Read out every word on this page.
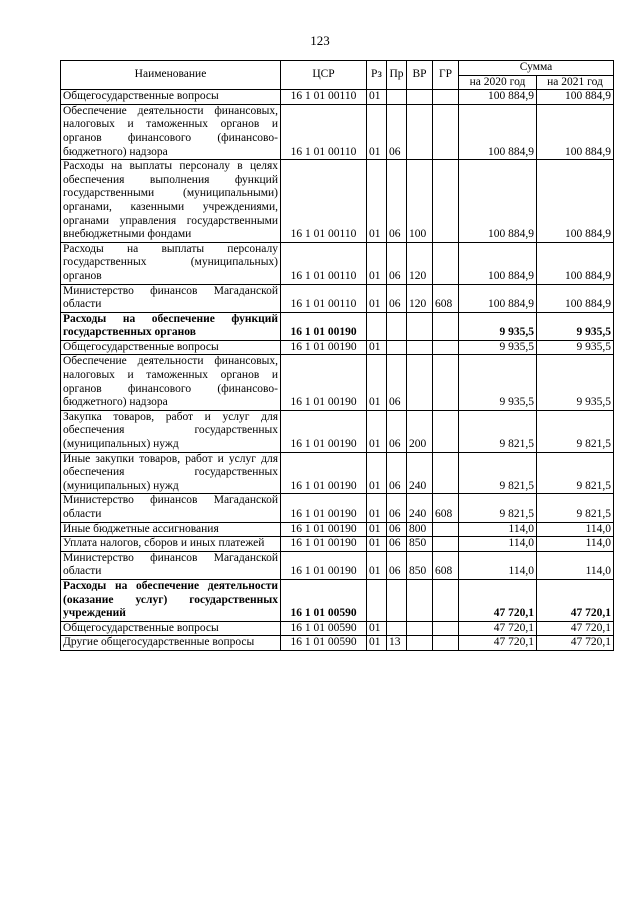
123
Наименование	ЦСР	Рз	Пр	ВР	ГР	Сумма	
						на 2020 год	на 2021 год
Общегосударственные вопросы	16 1 01 00110	01				100 884,9	100 884,9
Обеспечение деятельности финансовых, налоговых и таможенных органов и органов финансового (финансово-бюджетного) надзора	16 1 01 00110	01	06			100 884,9	100 884,9
Расходы на выплаты персоналу в целях обеспечения выполнения функций государственными (муниципальными) органами, казенными учреждениями, органами управления государственными внебюджетными фондами	16 1 01 00110	01	06	100		100 884,9	100 884,9
Расходы на выплаты персоналу государственных (муниципальных) органов	16 1 01 00110	01	06	120		100 884,9	100 884,9
Министерство финансов Магаданской области	16 1 01 00110	01	06	120	608	100 884,9	100 884,9
Расходы на обеспечение функций государственных органов	16 1 01 00190					9 935,5	9 935,5
Общегосударственные вопросы	16 1 01 00190	01				9 935,5	9 935,5
Обеспечение деятельности финансовых, налоговых и таможенных органов и органов финансового (финансово-бюджетного) надзора	16 1 01 00190	01	06			9 935,5	9 935,5
Закупка товаров, работ и услуг для обеспечения государственных (муниципальных) нужд	16 1 01 00190	01	06	200		9 821,5	9 821,5
Иные закупки товаров, работ и услуг для обеспечения государственных (муниципальных) нужд	16 1 01 00190	01	06	240		9 821,5	9 821,5
Министерство финансов Магаданской области	16 1 01 00190	01	06	240	608	9 821,5	9 821,5
Иные бюджетные ассигнования	16 1 01 00190	01	06	800		114,0	114,0
Уплата налогов, сборов и иных платежей	16 1 01 00190	01	06	850		114,0	114,0
Министерство финансов Магаданской области	16 1 01 00190	01	06	850	608	114,0	114,0
Расходы на обеспечение деятельности (оказание услуг) государственных учреждений	16 1 01 00590					47 720,1	47 720,1
Общегосударственные вопросы	16 1 01 00590	01				47 720,1	47 720,1
Другие общегосударственные вопросы	16 1 01 00590	01	13			47 720,1	47 720,1
